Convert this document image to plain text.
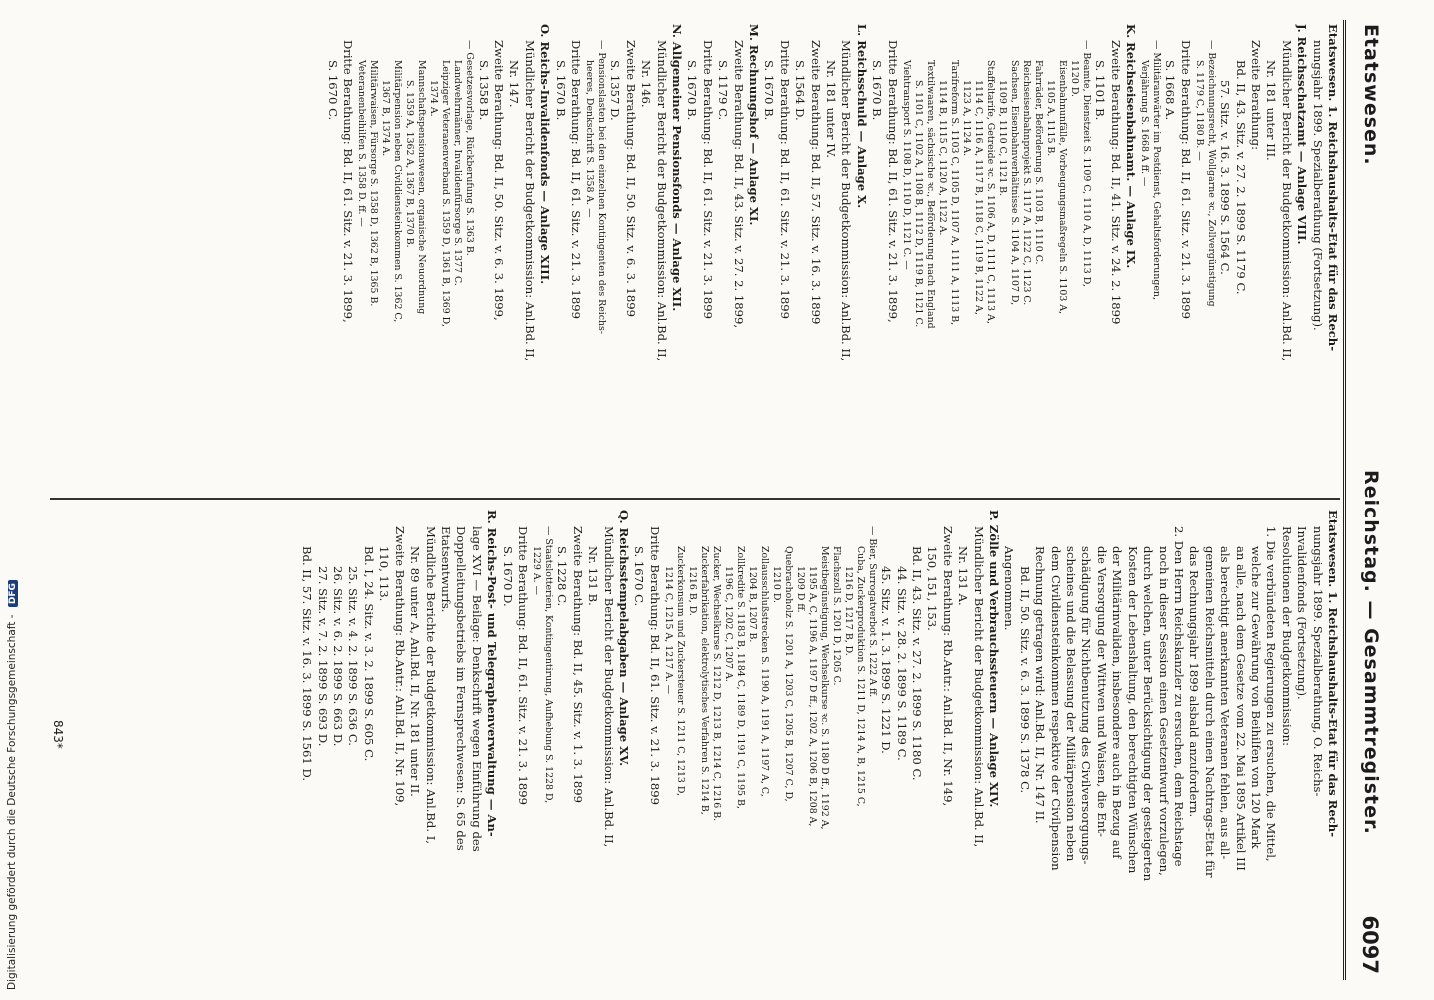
Etatswesen.
Reichstag. — Gesammtregister.
6097
Etatswesen. 1. Reichshaushalts-Etat für das Rech-
nungsjahr 1899. Spezialberathung (Fortsetzung).
J. Reichsschatzamt — Anlage VIII.
Mündlicher Bericht der Budgetkommission: Anl.Bd. II,
Nr. 181 unter III.
Zweite Berathung:
Bd. II, 43. Sitz. v. 27. 2. 1899 S. 1179 C.
57. Sitz. v. 16. 3. 1899 S. 1564 C.
— Bezeichnungsrecht, Wollgarne ꝛc., Zollvergünstigung
S. 1179 C, 1180 B. —
Dritte Berathung: Bd. II, 61. Sitz. v. 21. 3. 1899
S. 1668 A.
— Militäranwärter im Postdienst, Gehaltsforderungen,
Verjährung S. 1668 A ff. —
K. Reichseisenbahnamt. — Anlage IX.
Zweite Berathung: Bd. II, 41. Sitz. v. 24. 2. 1899
S. 1101 B.
— Beamte, Dienstzeit S. 1109 C, 1110 A, D, 1113 D,
1120 D.
Eisenbahnunfälle, Vorbeugungsmaßregeln S. 1103 A,
1105 A, 1115 B.
Fahrräder, Beförderung S. 1103 B, 1110 C.
Reichseisenbahnprojekt S. 1117 A, 1122 C, 1123 C.
Sachsen, Eisenbahnverhältnisse S. 1104 A, 1107 D,
1109 B, 1110 C, 1121 B.
Staffeltarife, Getreide ꝛc. S. 1106 A, D, 1111 C, 1113 A,
1114 C, 1116 A, 1117 B, 1118 C, 1119 B, 1122 A,
1123 A, 1124 A.
Tarifreform S. 1103 C, 1105 D, 1107 A, 1111 A, 1113 B,
1114 B, 1115 C, 1120 A, 1122 A.
Textilwaaren, sächsische ꝛc., Beförderung nach England
S. 1101 C, 1102 A, 1108 B, 1112 D, 1119 B, 1121 C.
Viehtransport S. 1108 D, 1110 D, 1121 C. —
Dritte Berathung: Bd. II, 61. Sitz. v. 21. 3. 1899,
S. 1670 B.
L. Reichsschuld — Anlage X.
Mündlicher Bericht der Budgetkommission: Anl.Bd. II,
Nr. 181 unter IV.
Zweite Berathung: Bd. II, 57. Sitz. v. 16. 3. 1899
S. 1564 D.
Dritte Berathung: Bd. II, 61. Sitz. v. 21. 3. 1899
S. 1670 B.
M. Rechnungshof — Anlage XI.
Zweite Berathung: Bd. II, 43. Sitz. v. 27. 2. 1899,
S. 1179 C.
Dritte Berathung: Bd. II, 61. Sitz. v. 21. 3. 1899
S. 1670 B.
N. Allgemeiner Pensionsfonds — Anlage XII.
Mündlicher Bericht der Budgetkommission: Anl.Bd. II,
Nr. 146.
Zweite Berathung: Bd. II, 50. Sitz. v. 6. 3. 1899
S. 1357 D.
— Pensionslasten bei den einzelnen Kontingenten des Reichs-
heeres, Denkschrift S. 1358 A. —
Dritte Berathung: Bd. II, 61. Sitz. v. 21. 3. 1899
S. 1670 B.
O. Reichs-Invalidenfonds — Anlage XIII.
Mündlicher Bericht der Budgetkommission: Anl.Bd. II,
Nr. 147.
Zweite Berathung: Bd. II, 50. Sitz. v. 6. 3. 1899,
S. 1358 B.
— Gesetzesvorlage, Rückberufung S. 1363 B.
Landwehrmänner, Invalidenfürsorge S. 1377 C.
Leipziger Veteranenverband S. 1359 D, 1361 B, 1369 D,
1374 A.
Mannschaftspensionswesen, organische Neuordnung
S. 1359 A, 1362 A, 1367 B, 1370 B.
Militärpension neben Civildiensteinkommen S. 1362 C,
1367 B, 1374 A.
Militärwaisen, Fürsorge S. 1358 D, 1362 B, 1365 B.
Veteranenbeihilfen S. 1358 D. ff. —
Dritte Berathung: Bd. II, 61. Sitz. v. 21. 3. 1899,
S. 1670 C.
Etatswesen. 1. Reichshaushalts-Etat für das Rech-
nungsjahr 1899. Spezialberathung, O. Reichs-
Invalidenfonds (Fortsetzung).
Resolutionen der Budgetkommission:
1. Die verbündeten Regierungen zu ersuchen, die Mittel,
welche zur Gewährung von Beihilfen von 120 Mark
an alle, nach dem Gesetze vom 22. Mai 1895 Artikel III
als berechtigt anerkannten Veteranen fehlen, aus all-
gemeinen Reichsmitteln durch einen Nachtrags-Etat für
das Rechnungsjahr 1899 alsbald anzufordern.
2. Den Herrn Reichskanzler zu ersuchen, dem Reichstage
noch in dieser Session einen Gesetzentwurf vorzulegen,
durch welchen, unter Berücksichtigung der gesteigerten
Kosten der Lebenshaltung, den berechtigten Wünschen
der Militärinvaliden, insbesondere auch in Bezug auf
die Versorgung der Wittwen und Waisen, die Ent-
schädigung für Nichtbenutzung des Civilversorgungs-
scheines und die Belassung der Militärpension neben
dem Civildiensteinkommen respektive der Civilpension
Rechnung getragen wird: Anl.Bd. II, Nr. 147 II.
Bd. II, 50. Sitz. v. 6. 3. 1899 S. 1378 C.
Angenommen.
P. Zölle und Verbrauchssteuern — Anlage XIV.
Mündlicher Bericht der Budgetkommission: Anl.Bd. II,
Nr. 131 A.
Zweite Berathung: Rb.Antr.: Anl.Bd. II, Nr. 149,
150, 151, 153.
Bd. II, 43. Sitz. v. 27. 2. 1899 S. 1180 C.
44. Sitz. v. 28. 2. 1899 S. 1189 C.
45. Sitz. v. 1. 3. 1899 S. 1221 D.
— Bier, Surrogatverbot S. 1222 A ff.
Cuba, Zuckerproduktion S. 1211 D, 1214 A, B, 1215 C,
1216 D, 1217 B, D.
Flachszoll S. 1201 D, 1205 C.
Meistbegünstigung, Wechselkurse ꝛc. S. 1180 D ff., 1192 A,
1195 A, C, 1196 A, 1197 D ff., 1202 A, 1206 B, 1208 A,
1209 D ff.
Quebrachoholz S. 1201 A, 1203 C, 1205 B, 1207 C, D,
1210 D.
Zollausschlußstrecken S. 1190 A, 1191 A, 1197 A, C,
1204 B, 1207 B.
Zollkredite S. 1183 B, 1184 C, 1189 D, 1191 C, 1195 B,
1196 C, 1202 C, 1207 A.
Zucker, Wechselkurse S. 1212 D, 1213 B, 1214 C, 1216 B.
Zuckerfabrikation, elektrolytisches Verfahren S. 1214 B,
1216 B, D.
Zuckerkonsum und Zuckersteuer S. 1211 C, 1213 D,
1214 C, 1215 A, 1217 A. —
Dritte Berathung: Bd. II, 61. Sitz. v. 21. 3. 1899
S. 1670 C.
Q. Reichsstempelabgaben — Anlage XV.
Mündlicher Bericht der Budgetkommission: Anl.Bd. II,
Nr. 131 B.
Zweite Berathung: Bd. II, 45. Sitz. v. 1. 3. 1899
S. 1228 C.
— Staatslotterien, Kontingentirung, Aufhebung S. 1228 D,
1229 A. —
Dritte Berathung: Bd. II, 61. Sitz. v. 21. 3. 1899
S. 1670 D.
R. Reichs-Post- und Telegraphenverwaltung — An-
lage XVI — Beilage: Denkschrift wegen Einführung des
Doppelleitungsbetriebs im Fernsprechwesen: S. 65 des
Etatsentwurfs.
Mündliche Berichte der Budgetkommission: Anl.Bd. I,
Nr. 89 unter A, Anl.Bd. II, Nr. 181 unter II.
Zweite Berathung: Rb.Antr.: Anl.Bd. II, Nr. 109,
110, 113.
Bd. I, 24. Sitz. v. 3. 2. 1899 S. 605 C.
25. Sitz. v. 4. 2. 1899 S. 636 C.
26. Sitz. v. 6. 2. 1899 S. 663 D.
27. Sitz. v. 7. 2. 1899 S. 693 D.
Bd. II, 57. Sitz. v. 16. 3. 1899 S. 1561 D.
843*
Digitalisierung gefördert durch die Deutsche Forschungsgemeinschaft - DFG
